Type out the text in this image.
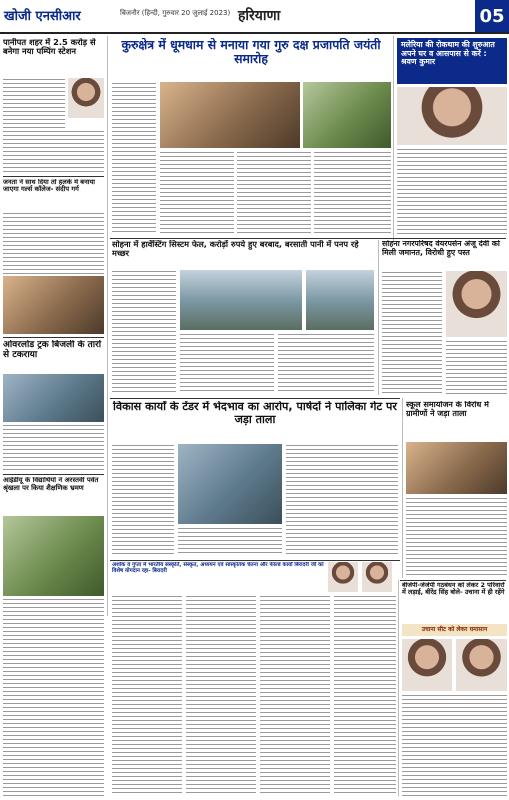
खोजी एनसीआर	बिजनौर (हिन्दी, गुरुवार 20 जुलाई 2023) हरियाणा	05
पानीपत शहर में 2.5 करोड़ से बनेगा नया पम्पिंग स्टेशन
जनता ने साथ दिया तो हलके में बनाया जाएगा गर्ल्स कॉलेज- संदीप गर्ग
ओवरलोड ट्रक बिजली के तारों से टकराया
आईडीयू के विद्यार्थियों ने अरस्तवी पर्वत श्रृंखला पर किया शैक्षणिक भ्रमण
कुरुक्षेत्र में धूमधाम से मनाया गया गुरु दक्ष प्रजापति जयंती समारोह
मलेरिया की रोकथाम की शुरुआत अपने घर व आसपास से करें : श्रवण कुमार
सोहना में हार्वेस्टिंग सिस्टम फेल, करोड़ों रुपये हुए बरबाद, बरसाती पानी में पनप रहे मच्छर
सोहना नगरपरिषद वेयरपर्सन अंजू देवी को मिली जमानत, विरोधी हुए पस्त
विकास कार्यों के टेंडर में भेदभाव का आरोप, पार्षदों ने पालिका गेट पर जड़ा ताला
स्कूल समायोजन के विरोध में ग्रामीणों ने जड़ा ताला
अशोक व गुप्ता में भारतीय संस्कृति, संस्कृत, अध्ययन एवं सांस्कृतिक चेतना और फील्ड कार्यों बिरादरी जी को विशेष योगदान रहा- बिरादरी
बीजेपी-जेजेपी गठबंधन को लेकर 2 परिवारों में लड़ाई, बीरेंद्र सिंह बोले- उचाना में ही रहेंगे
उचाना सीट को लेकर घमासान
